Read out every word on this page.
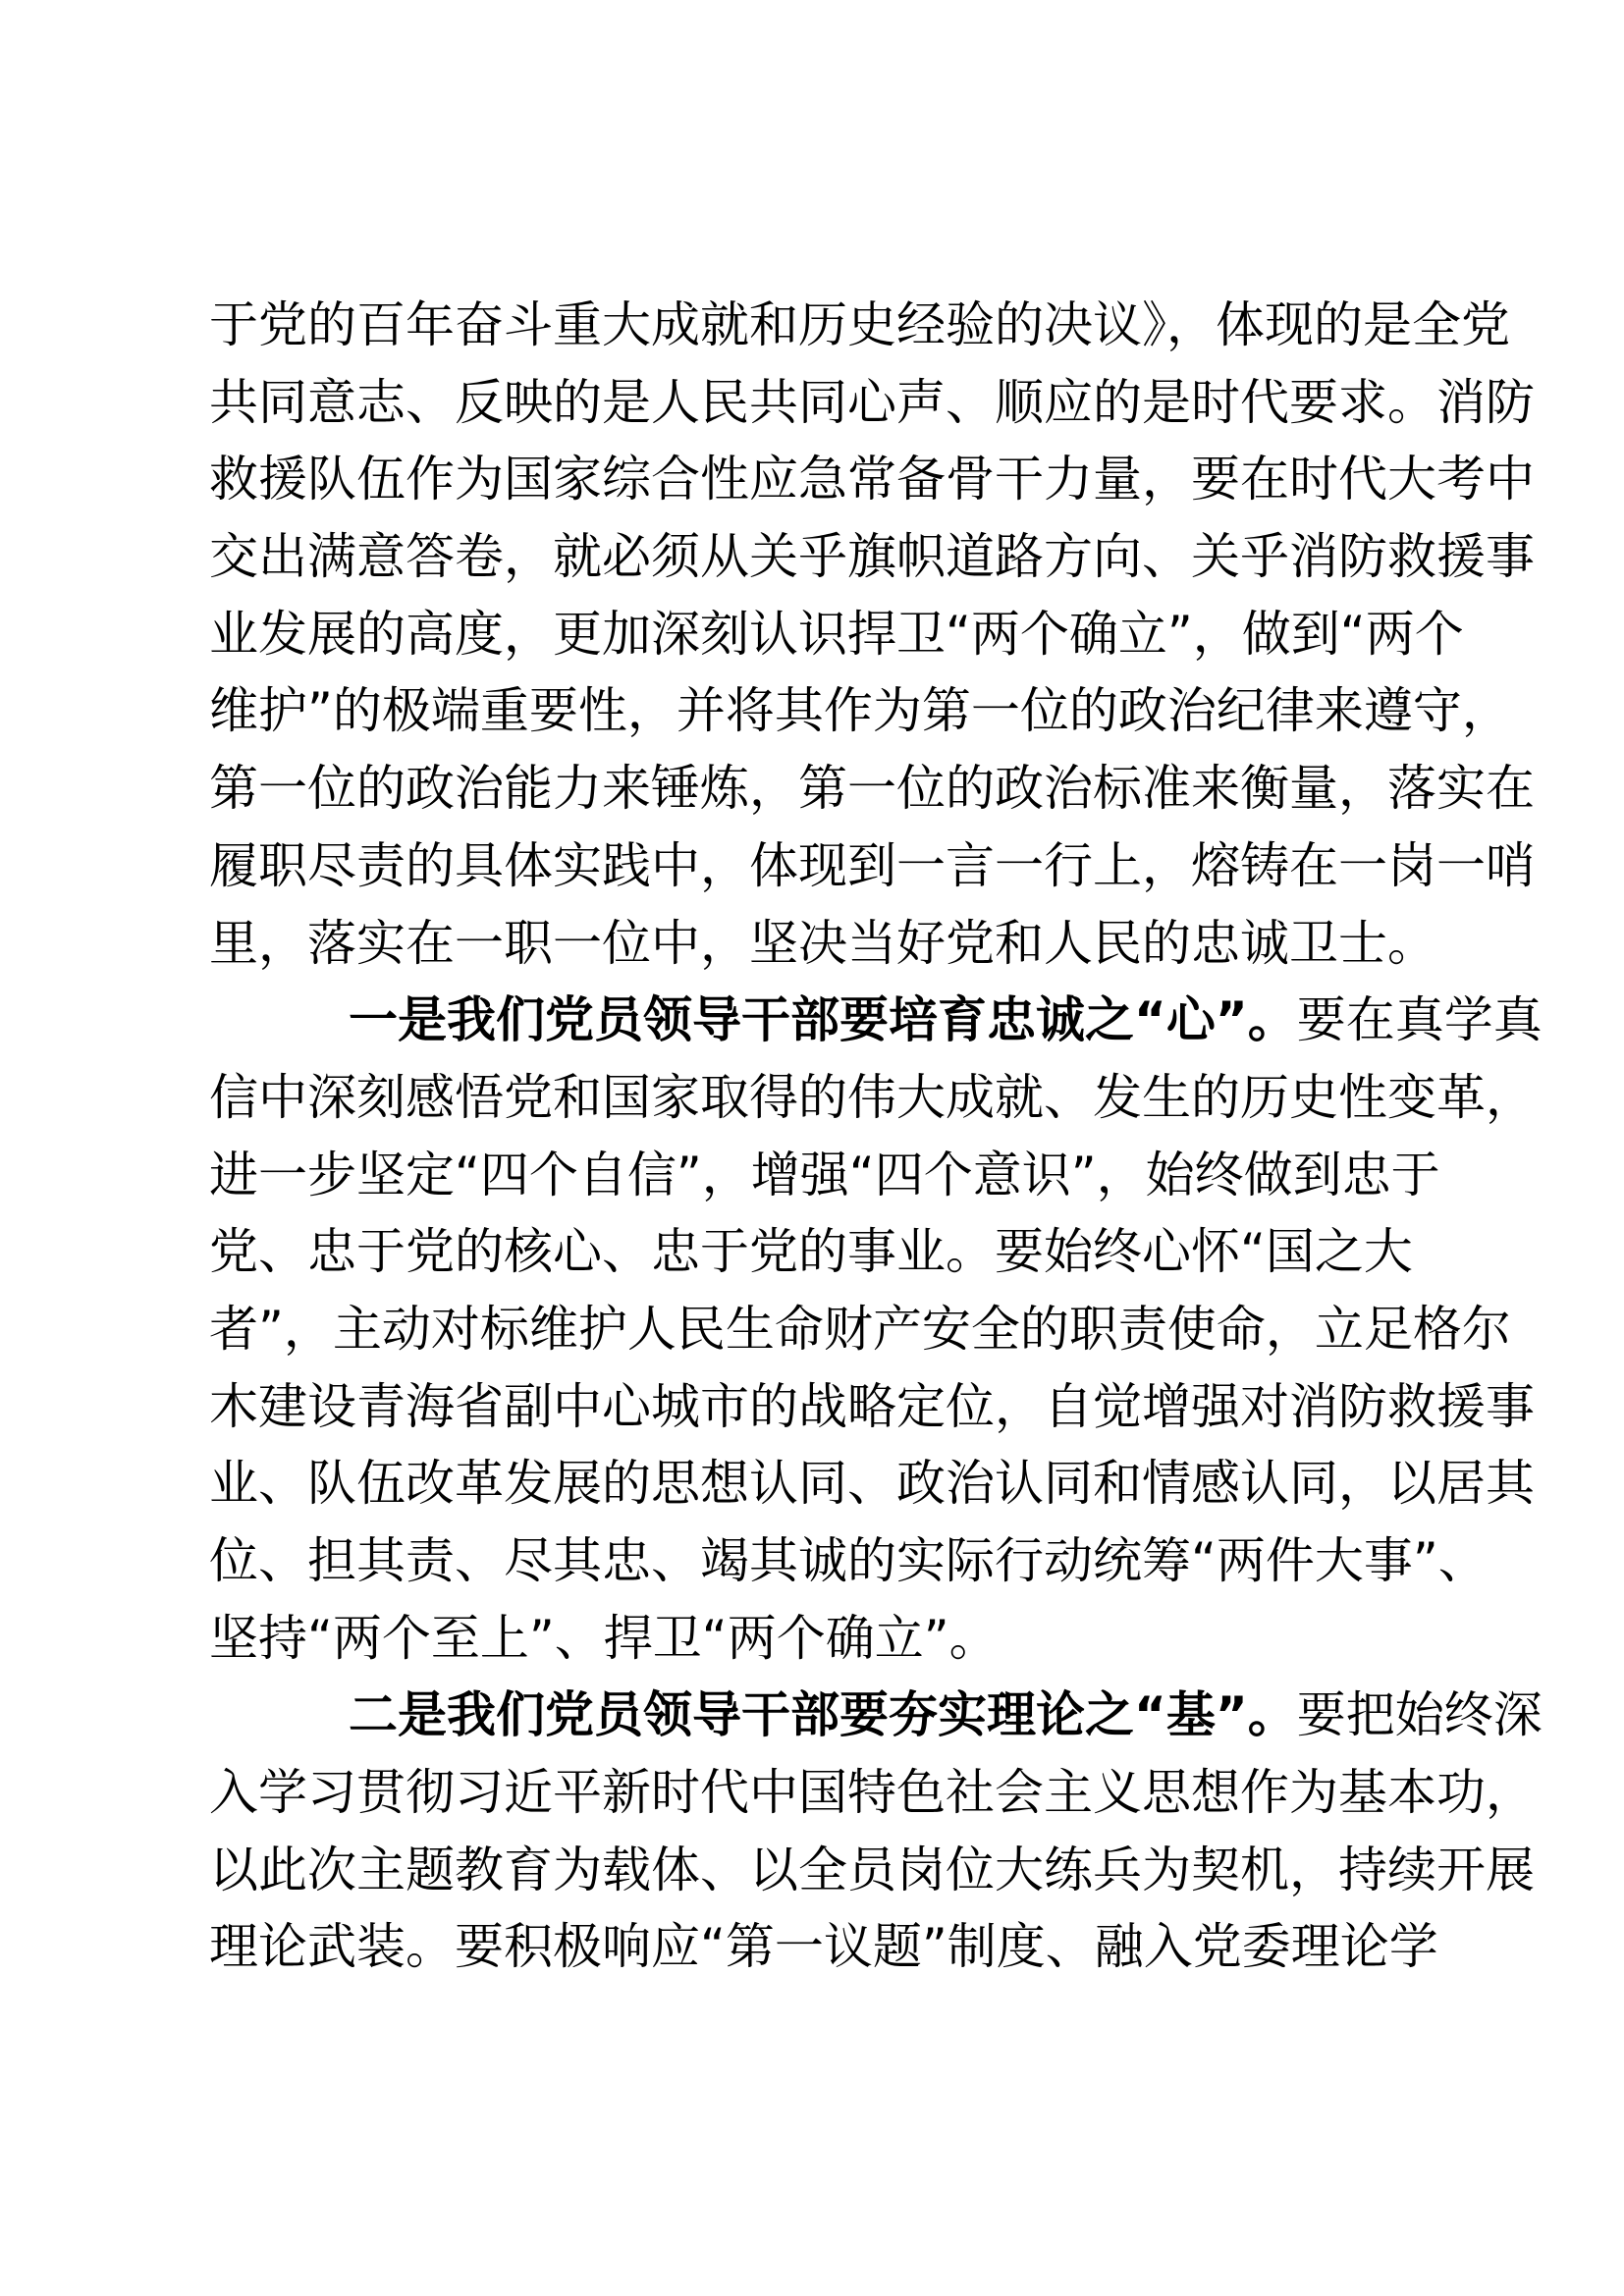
于党的百年奋斗重大成就和历史经验的决议》，体现的是全党
共同意志、反映的是人民共同心声、顺应的是时代要求。消防
救援队伍作为国家综合性应急常备骨干力量，要在时代大考中
交出满意答卷，就必须从关乎旗帜道路方向、关乎消防救援事
业发展的高度，更加深刻认识捍卫“两个确立”，做到“两个
维护”的极端重要性，并将其作为第一位的政治纪律来遵守，
第一位的政治能力来锤炼，第一位的政治标准来衡量，落实在
履职尽责的具体实践中，体现到一言一行上，熔铸在一岗一哨
里，落实在一职一位中，坚决当好党和人民的忠诚卫士。
一是我们党员领导干部要培育忠诚之“心”。要在真学真
信中深刻感悟党和国家取得的伟大成就、发生的历史性变革，
进一步坚定“四个自信”，增强“四个意识”，始终做到忠于
党、忠于党的核心、忠于党的事业。要始终心怀“国之大
者”，主动对标维护人民生命财产安全的职责使命，立足格尔
木建设青海省副中心城市的战略定位，自觉增强对消防救援事
业、队伍改革发展的思想认同、政治认同和情感认同，以居其
位、担其责、尽其忠、竭其诚的实际行动统筹“两件大事”、
坚持“两个至上”、捍卫“两个确立”。
二是我们党员领导干部要夯实理论之“基”。要把始终深
入学习贯彻习近平新时代中国特色社会主义思想作为基本功，
以此次主题教育为载体、以全员岗位大练兵为契机，持续开展
理论武装。要积极响应“第一议题”制度、融入党委理论学
